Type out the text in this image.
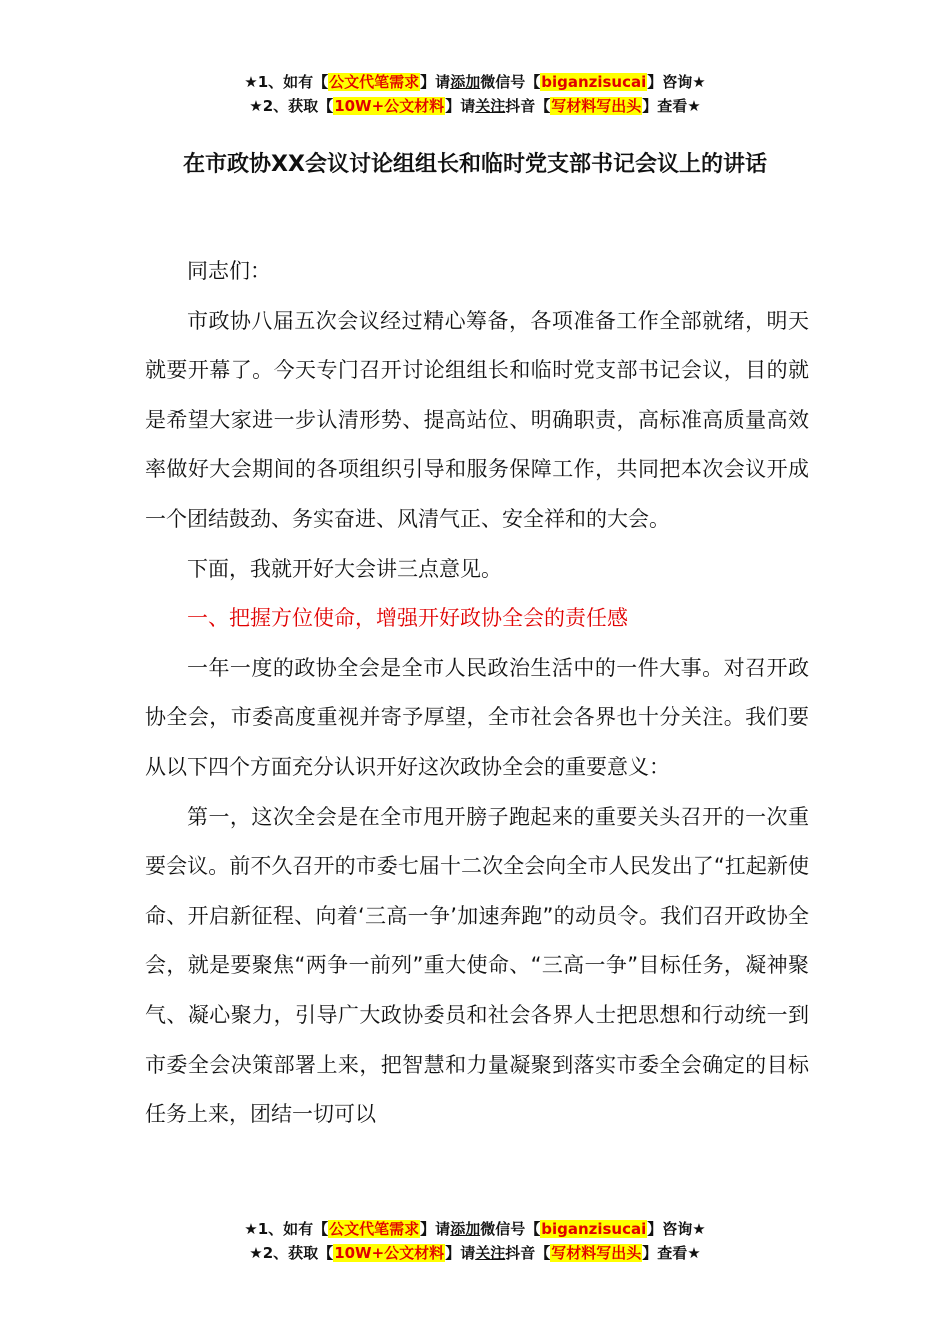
★1、如有【公文代笔需求】请添加微信号【biganzisucai】咨询★
★2、获取【10W+公文材料】请关注抖音【写材料写出头】查看★
在市政协XX会议讨论组组长和临时党支部书记会议上的讲话

同志们：

市政协八届五次会议经过精心筹备，各项准备工作全部就绪，明天就要开幕了。今天专门召开讨论组组长和临时党支部书记会议，目的就是希望大家进一步认清形势、提高站位、明确职责，高标准高质量高效率做好大会期间的各项组织引导和服务保障工作，共同把本次会议开成一个团结鼓劲、务实奋进、风清气正、安全祥和的大会。

下面，我就开好大会讲三点意见。

一、把握方位使命，增强开好政协全会的责任感

一年一度的政协全会是全市人民政治生活中的一件大事。对召开政协全会，市委高度重视并寄予厚望，全市社会各界也十分关注。我们要从以下四个方面充分认识开好这次政协全会的重要意义：

第一，这次全会是在全市甩开膀子跑起来的重要关头召开的一次重要会议。前不久召开的市委七届十二次全会向全市人民发出了“扛起新使命、开启新征程、向着‘三高一争’加速奔跑”的动员令。我们召开政协全会，就是要聚焦“两争一前列”重大使命、“三高一争”目标任务，凝神聚气、凝心聚力，引导广大政协委员和社会各界人士把思想和行动统一到市委全会决策部署上来，把智慧和力量凝聚到落实市委全会确定的目标任务上来，团结一切可以

★1、如有【公文代笔需求】请添加微信号【biganzisucai】咨询★
★2、获取【10W+公文材料】请关注抖音【写材料写出头】查看★
